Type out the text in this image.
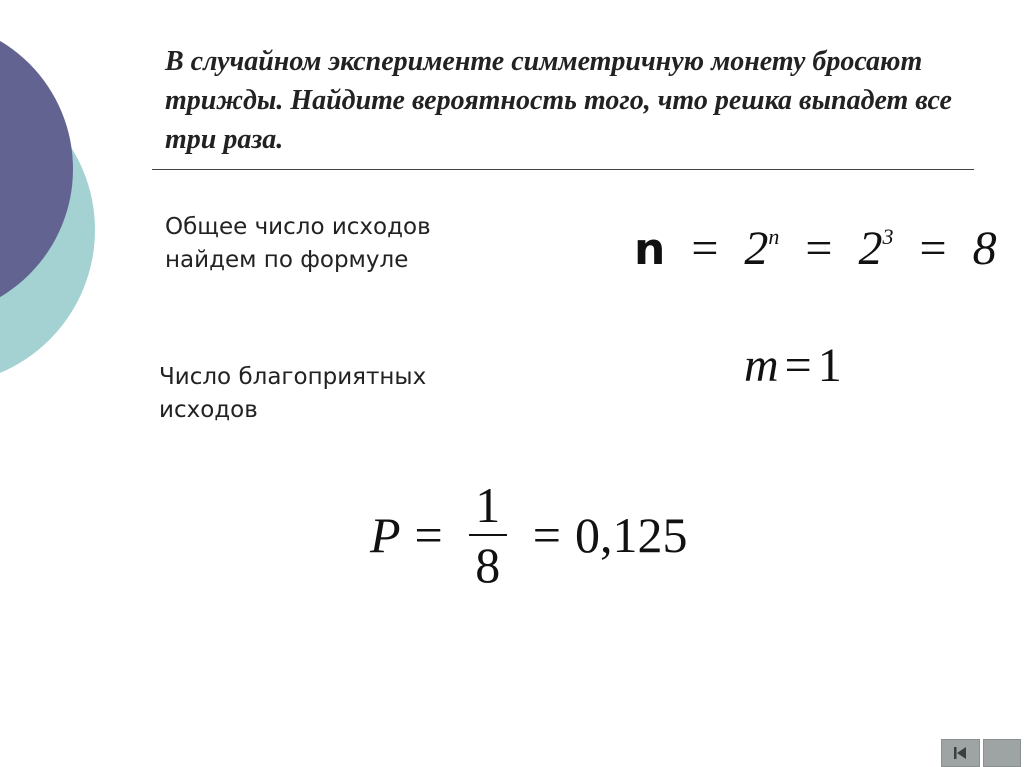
В случайном эксперименте симметричную монету бросают трижды. Найдите вероятность того, что решка выпадет все три раза.

Общее число исходов
найдем по формуле	$n = 2^n = 2^3 = 8$
Число благоприятных
исходов
m = 1
$P = \frac{1}{8} = 0,125$
